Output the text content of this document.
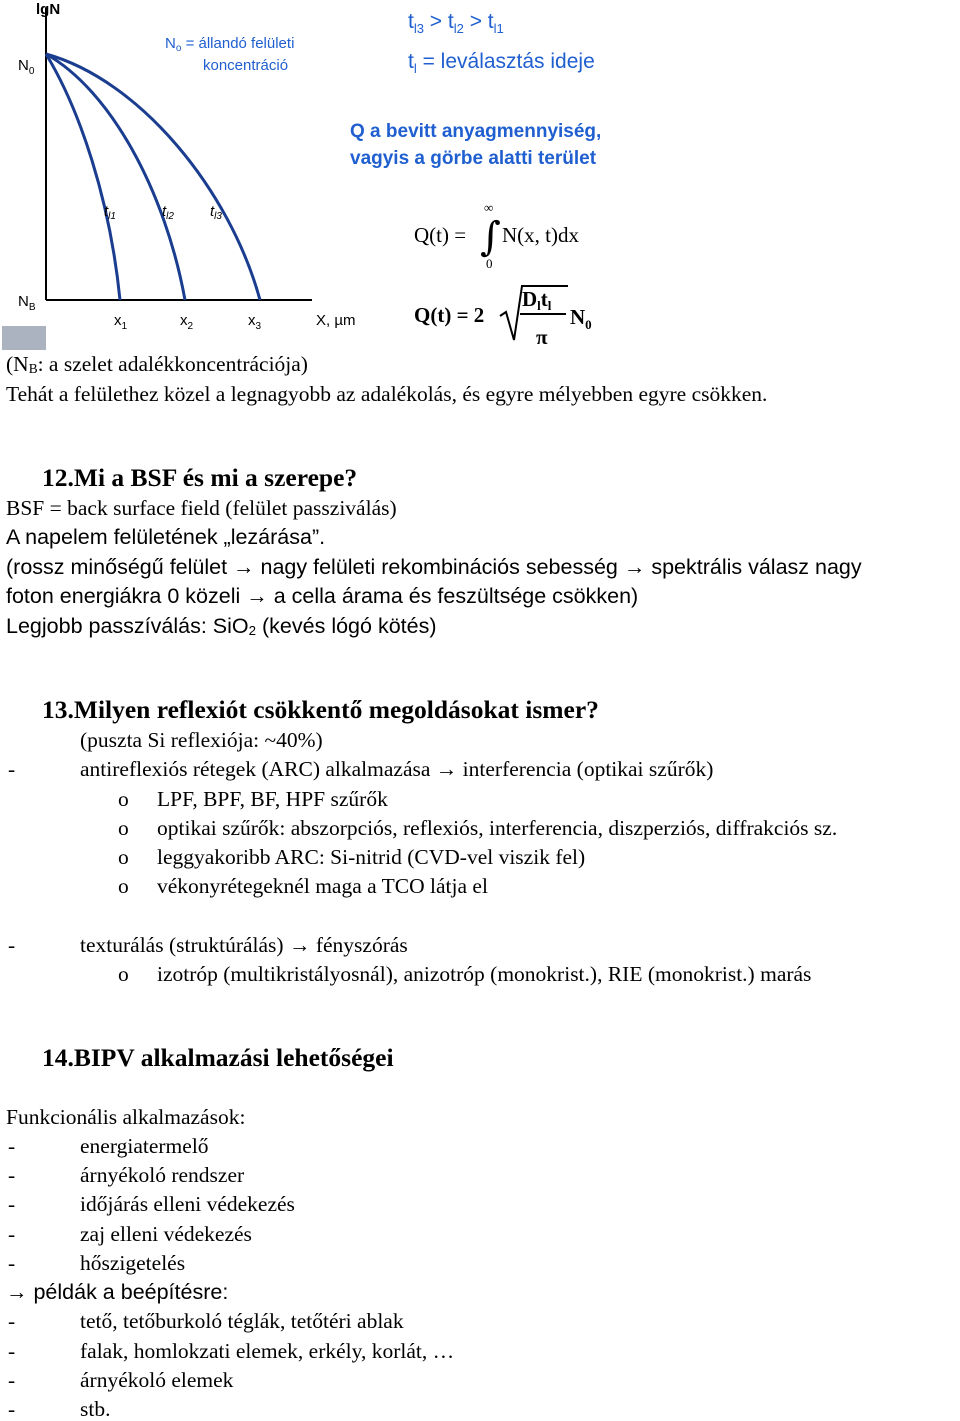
lgN
$N_0$
$N_B$
$N_o$ = állandó felületi
koncentráció
$t_{l3} > t_{l2} > t_{l1}$
$t_l$ = leválasztás ideje
Q a bevitt anyagmennyiség,
vagyis a görbe alatti terület
$t_{l1}$	$t_{l2}$ $t_{l3}$
$x_1$	$x_2$	$x_3$	X, µm
Q(t) =
∞
∫
0
N(x, t)dx
Q(t) = 2
Dltl
π
$N_0$
($N_B$: a szelet adalékkoncentrációja)
Tehát a felülethez közel a legnagyobb az adalékolás, és egyre mélyebben egyre csökken.
12.Mi a BSF és mi a szerepe?
BSF = back surface field (felület passziválás)
A napelem felületének „lezárása”.
(rossz minőségű felület → nagy felületi rekombinációs sebesség → spektrális válasz nagy
foton energiákra 0 közeli → a cella árama és feszültsége csökken)
Legjobb passzíválás: SiO$_2$ (kevés lógó kötés)
13.Milyen reflexiót csökkentő megoldásokat ismer?
(puszta Si reflexiója: ~40%)
-	antireflexiós rétegek (ARC) alkalmazása → interferencia (optikai szűrők)
o LPF, BPF, BF, HPF szűrők
o optikai szűrők: abszorpciós, reflexiós, interferencia, diszperziós, diffrakciós sz.
o leggyakoribb ARC: Si-nitrid (CVD-vel viszik fel)
o vékonyrétegeknél maga a TCO látja el
-	texturálás (struktúrálás) → fényszórás
o izotróp (multikristályosnál), anizotróp (monokrist.), RIE (monokrist.) marás
14.BIPV alkalmazási lehetőségei
Funkcionális alkalmazások:
-	energiatermelő
-	árnyékoló rendszer
-	időjárás elleni védekezés
-	zaj elleni védekezés
-	hőszigetelés
→ példák a beépítésre:
-	tető, tetőburkoló téglák, tetőtéri ablak
-	falak, homlokzati elemek, erkély, korlát, …
-	árnyékoló elemek
-	stb.
